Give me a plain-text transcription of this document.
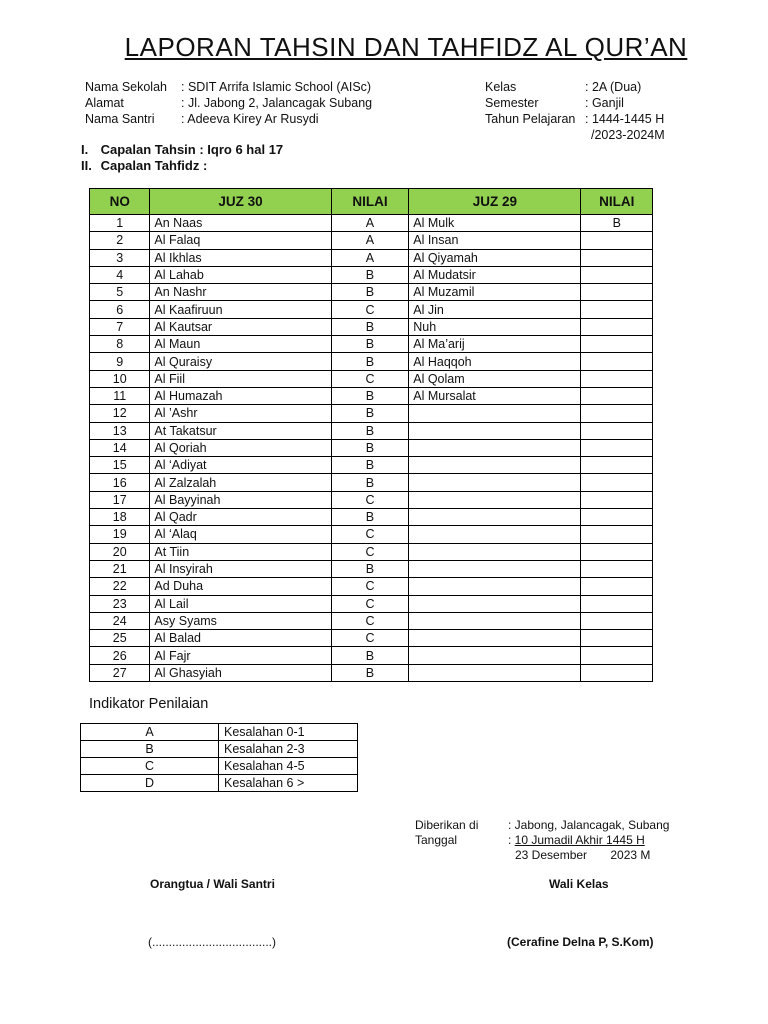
LAPORAN TAHSIN DAN TAHFIDZ AL QUR’AN
Nama Sekolah	: SDIT Arrifa Islamic School (AISc)
Alamat	: Jl. Jabong 2, Jalancagak Subang
Nama Santri	: Adeeva Kirey Ar Rusydi
Kelas	: 2A (Dua)
Semester	: Ganjil
Tahun Pelajaran : 1444-1445 H
/2023-2024M
I. Capalan Tahsin : Iqro 6 hal 17
II. Capalan Tahfidz :
NO	JUZ 30	NILAI	JUZ 29	NILAI
1	An Naas	A	Al Mulk	B
2	Al Falaq	A	Al Insan	
3	Al Ikhlas	A	Al Qiyamah	
4	Al Lahab	B	Al Mudatsir	
5	An Nashr	B	Al Muzamil	
6	Al Kaafiruun	C	Al Jin	
7	Al Kautsar	B	Nuh	
8	Al Maun	B	Al Ma’arij	
9	Al Quraisy	B	Al Haqqoh	
10	Al Fiil	C	Al Qolam	
11	Al Humazah	B	Al Mursalat	
12	Al ’Ashr	B		
13	At Takatsur	B		
14	Al Qoriah	B		
15	Al ‘Adiyat	B		
16	Al Zalzalah	B		
17	Al Bayyinah	C		
18	Al Qadr	B		
19	Al ‘Alaq	C		
20	At Tiin	C		
21	Al Insyirah	B		
22	Ad Duha	C		
23	Al Lail	C		
24	Asy Syams	C		
25	Al Balad	C		
26	Al Fajr	B		
27	Al Ghasyiah	B		
Indikator Penilaian
A	Kesalahan 0-1
B	Kesalahan 2-3
C	Kesalahan 4-5
D	Kesalahan 6 >
Diberikan di	: Jabong, Jalancagak, Subang
Tanggal	: 10 Jumadil Akhir 1445 H
23 Desember       2023 M
Orangtua / Wali Santri
(....................................)
Wali Kelas
(Cerafine Delna P, S.Kom)
